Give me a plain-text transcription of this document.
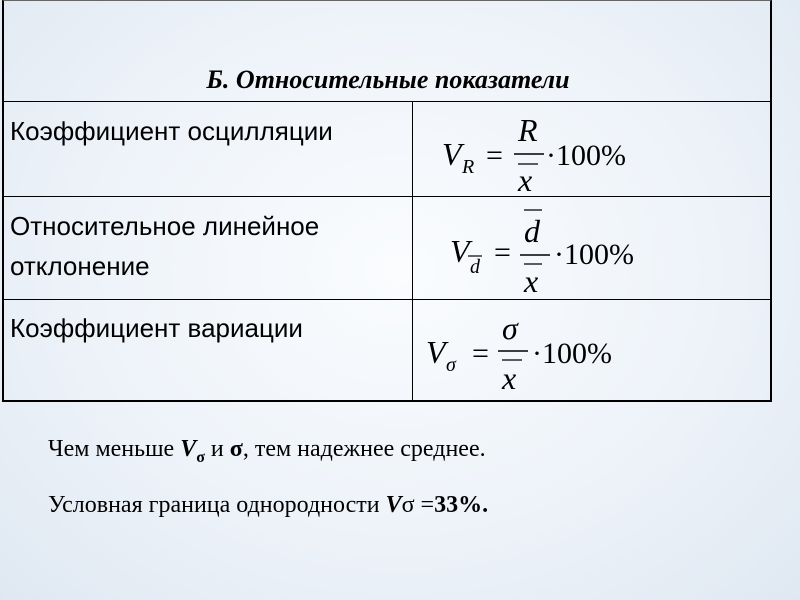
Б. Относительные показатели
Коэффициент осцилляции
V R =
R
x
·100%
Относительное линейное отклонение
d
V d =
x
·100%
Коэффициент вариации
V σ =
σ
x
·100%
Чем меньше $V_\sigma$ и σ, тем надежнее среднее.
Условная граница однородности Vσ =33%.
